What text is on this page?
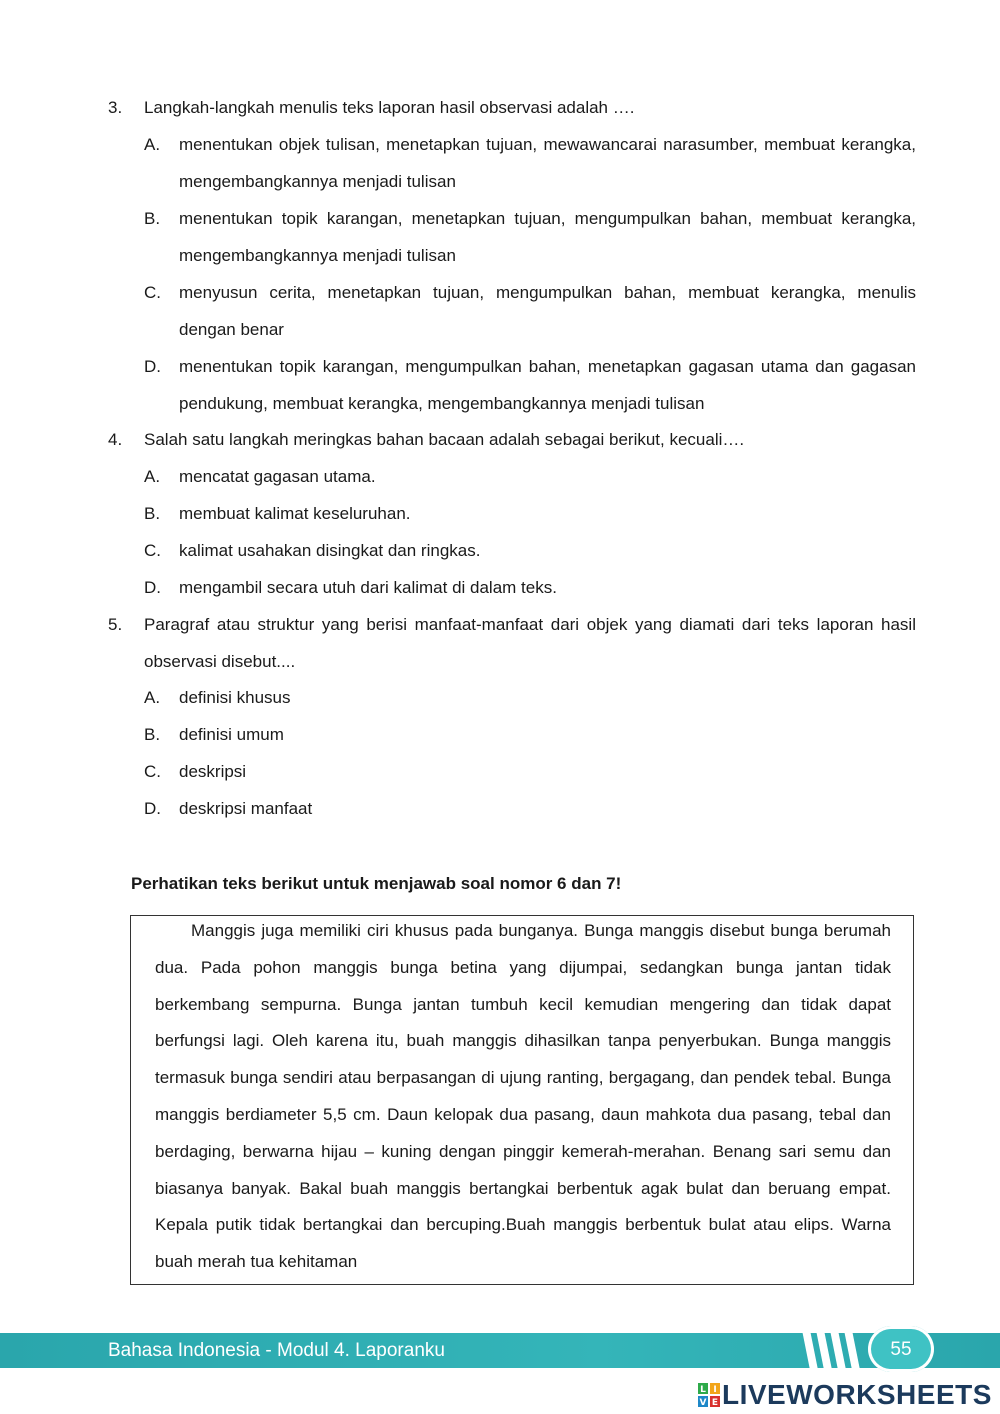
3.	Langkah-langkah menulis teks laporan hasil observasi adalah ….
A.	menentukan objek tulisan, menetapkan tujuan, mewawancarai narasumber, membuat kerangka, mengembangkannya menjadi tulisan
B.	menentukan topik karangan, menetapkan tujuan, mengumpulkan bahan, membuat kerangka, mengembangkannya menjadi tulisan
C.	menyusun cerita, menetapkan tujuan, mengumpulkan bahan, membuat kerangka, menulis dengan benar
D.	menentukan topik karangan, mengumpulkan bahan, menetapkan gagasan utama dan gagasan pendukung, membuat kerangka, mengembangkannya menjadi tulisan
4.	Salah satu langkah meringkas bahan bacaan adalah sebagai berikut, kecuali….
A.	mencatat gagasan utama.
B.	membuat kalimat keseluruhan.
C.	kalimat usahakan disingkat dan ringkas.
D.	mengambil secara utuh dari kalimat di dalam teks.
5.	Paragraf atau struktur yang berisi manfaat-manfaat dari objek yang diamati dari teks laporan hasil observasi disebut....
A.	definisi khusus
B.	definisi umum
C.	deskripsi
D.	deskripsi manfaat
Perhatikan teks berikut untuk menjawab soal nomor 6 dan 7!
Manggis juga memiliki ciri khusus pada bunganya. Bunga manggis disebut bunga berumah dua. Pada pohon manggis bunga betina yang dijumpai, sedangkan bunga jantan tidak berkembang sempurna. Bunga jantan tumbuh kecil kemudian mengering dan tidak dapat berfungsi lagi. Oleh karena itu, buah manggis dihasilkan tanpa penyerbukan. Bunga manggis termasuk bunga sendiri atau berpasangan di ujung ranting, bergagang, dan pendek tebal. Bunga manggis berdiameter 5,5 cm. Daun kelopak dua pasang, daun mahkota dua pasang, tebal dan berdaging, berwarna hijau – kuning dengan pinggir kemerah-merahan. Benang sari semu dan biasanya banyak. Bakal buah manggis bertangkai berbentuk agak bulat dan beruang empat. Kepala putik tidak bertangkai dan bercuping.Buah manggis berbentuk bulat atau elips. Warna buah merah tua kehitaman
Bahasa Indonesia - Modul 4. Laporanku	55
L I
V E LIVEWORKSHEETS
